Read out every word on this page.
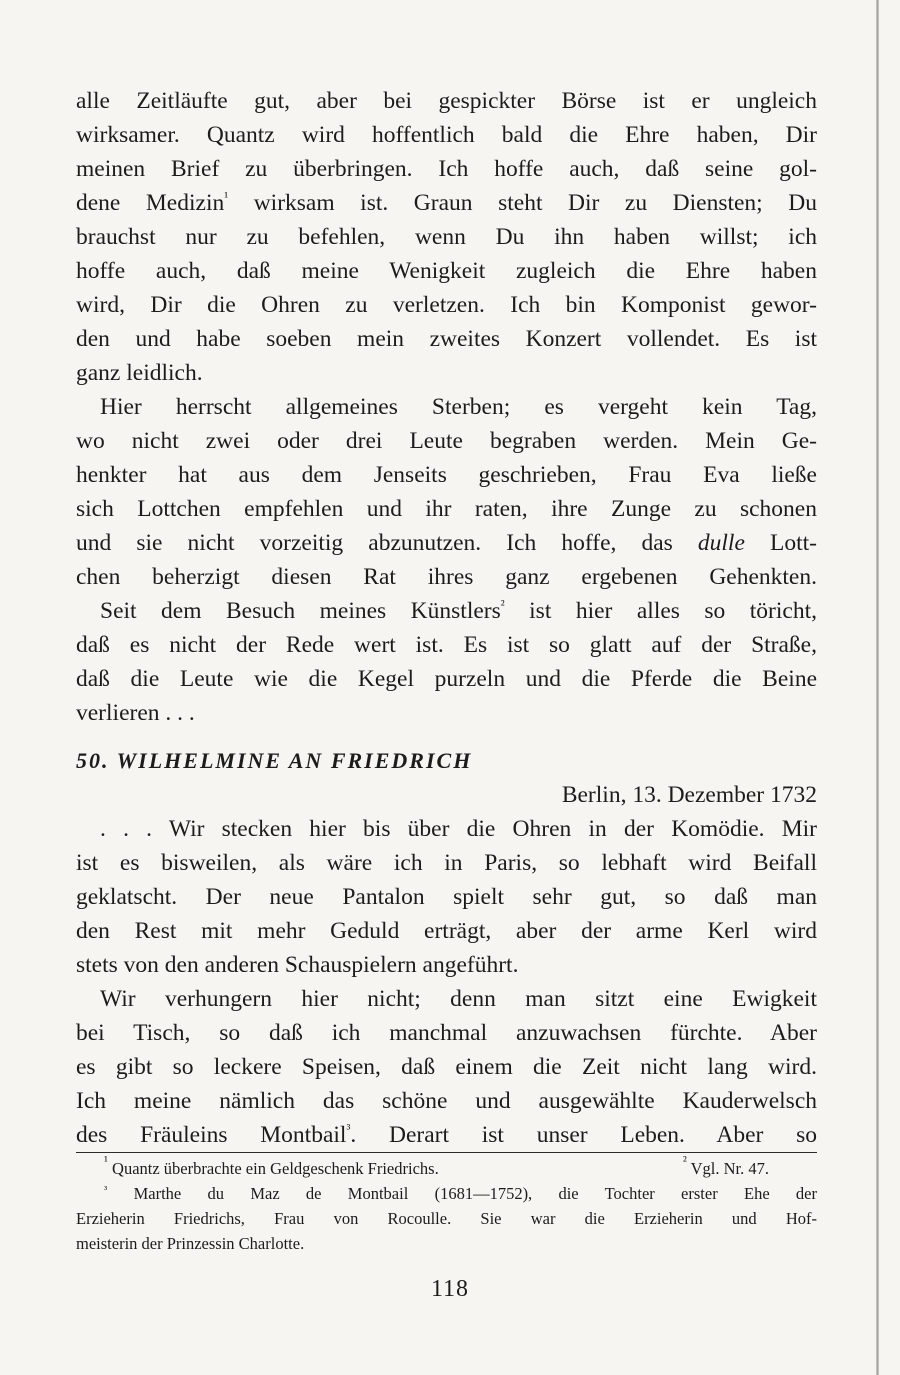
alle Zeitläufte gut, aber bei gespickter Börse ist er ungleich
wirksamer. Quantz wird hoffentlich bald die Ehre haben, Dir
meinen Brief zu überbringen. Ich hoffe auch, daß seine gol-
dene Medizin$^{^1}$ wirksam ist. Graun steht Dir zu Diensten; Du
brauchst nur zu befehlen, wenn Du ihn haben willst; ich
hoffe auch, daß meine Wenigkeit zugleich die Ehre haben
wird, Dir die Ohren zu verletzen. Ich bin Komponist gewor-
den und habe soeben mein zweites Konzert vollendet. Es ist
ganz leidlich.
Hier herrscht allgemeines Sterben; es vergeht kein Tag,
wo nicht zwei oder drei Leute begraben werden. Mein Ge-
henkter hat aus dem Jenseits geschrieben, Frau Eva ließe
sich Lottchen empfehlen und ihr raten, ihre Zunge zu schonen
und sie nicht vorzeitig abzunutzen. Ich hoffe, das dulle Lott-
chen beherzigt diesen Rat ihres ganz ergebenen Gehenkten.
Seit dem Besuch meines Künstlers$^{^2}$ ist hier alles so töricht,
daß es nicht der Rede wert ist. Es ist so glatt auf der Straße,
daß die Leute wie die Kegel purzeln und die Pferde die Beine
verlieren . . .
50. WILHELMINE AN FRIEDRICH
Berlin, 13. Dezember 1732
. . . Wir stecken hier bis über die Ohren in der Komödie. Mir
ist es bisweilen, als wäre ich in Paris, so lebhaft wird Beifall
geklatscht. Der neue Pantalon spielt sehr gut, so daß man
den Rest mit mehr Geduld erträgt, aber der arme Kerl wird
stets von den anderen Schauspielern angeführt.
Wir verhungern hier nicht; denn man sitzt eine Ewigkeit
bei Tisch, so daß ich manchmal anzuwachsen fürchte. Aber
es gibt so leckere Speisen, daß einem die Zeit nicht lang wird.
Ich meine nämlich das schöne und ausgewählte Kauderwelsch
des Fräuleins Montbail$^{^3}$. Derart ist unser Leben. Aber so
$^{^1}$ Quantz überbrachte ein Geldgeschenk Friedrichs.	$^{^2}$ Vgl. Nr. 47.
$^{^3}$ Marthe du Maz de Montbail (1681—1752), die Tochter erster Ehe der
Erzieherin Friedrichs, Frau von Rocoulle. Sie war die Erzieherin und Hof-
meisterin der Prinzessin Charlotte.
118
